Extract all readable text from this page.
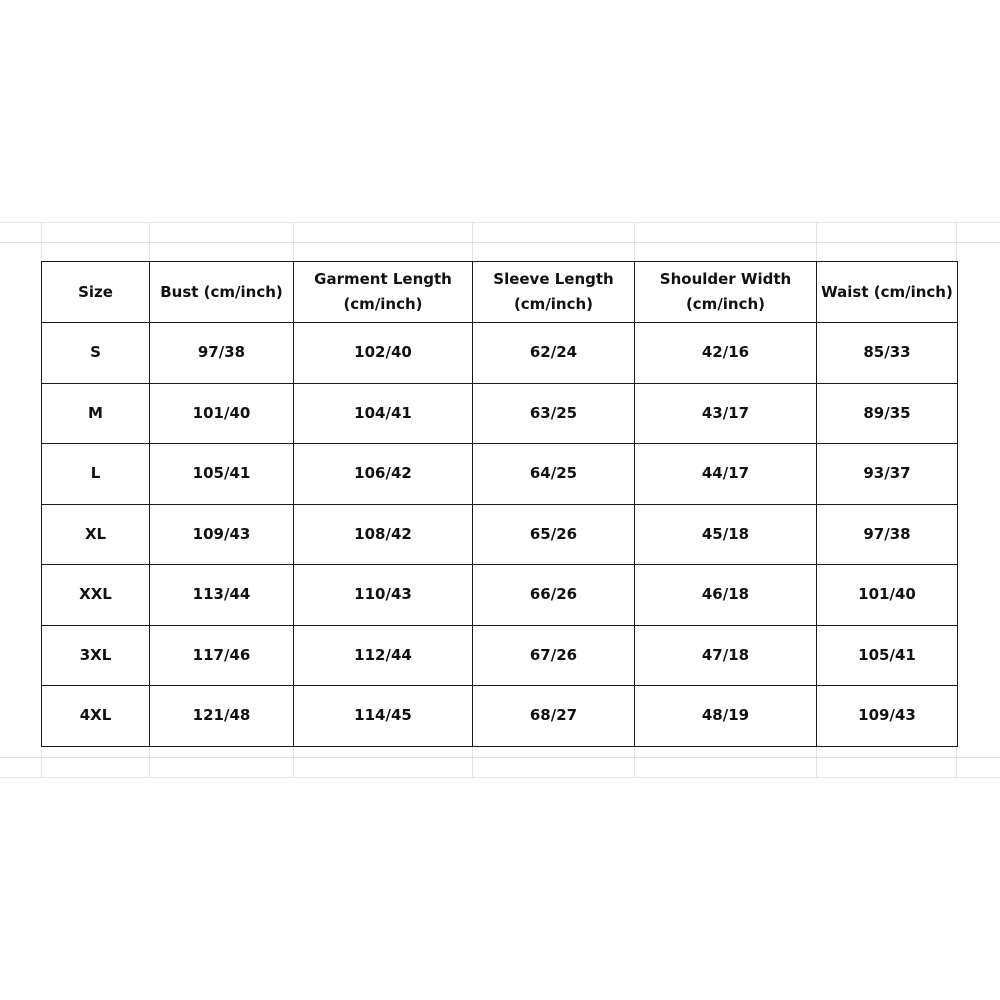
Size	Bust (cm/inch)	Garment Length (cm/inch)	Sleeve Length (cm/inch)	Shoulder Width (cm/inch)	Waist (cm/inch)
S	97/38	102/40	62/24	42/16	85/33
M	101/40	104/41	63/25	43/17	89/35
L	105/41	106/42	64/25	44/17	93/37
XL	109/43	108/42	65/26	45/18	97/38
XXL	113/44	110/43	66/26	46/18	101/40
3XL	117/46	112/44	67/26	47/18	105/41
4XL	121/48	114/45	68/27	48/19	109/43
